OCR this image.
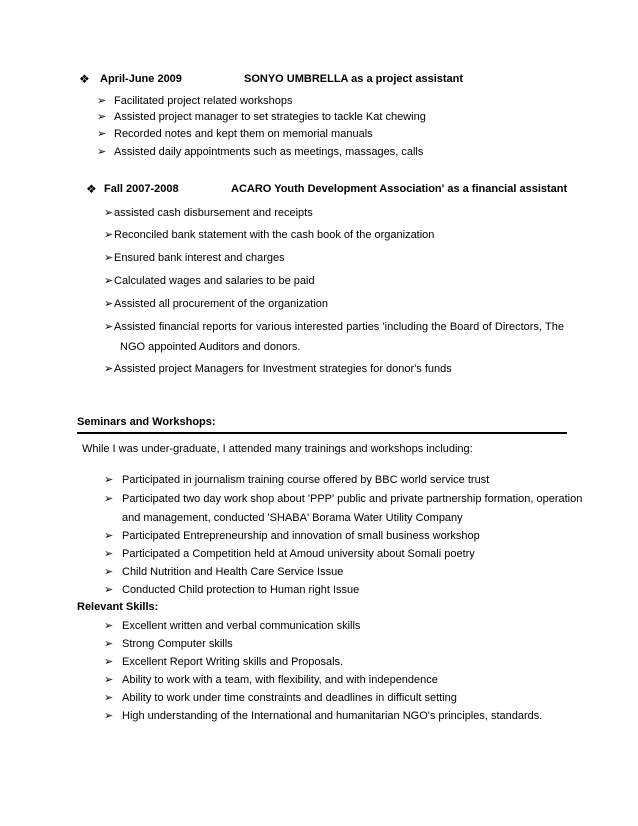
❖ April-June 2009	SONYO UMBRELLA as a project assistant
➢ Facilitated project related workshops
➢ Assisted project manager to set strategies to tackle Kat chewing
➢ Recorded notes and kept them on memorial manuals
➢ Assisted daily appointments such as meetings, massages, calls
❖ Fall 2007-2008	ACARO Youth Development Association' as a financial assistant
➢ assisted cash disbursement and receipts
➢ Reconciled bank statement with the cash book of the organization
➢ Ensured bank interest and charges
➢ Calculated wages and salaries to be paid
➢ Assisted all procurement of the organization
➢ Assisted financial reports for various interested parties 'including the Board of Directors, The
NGO appointed Auditors and donors.
➢ Assisted project Managers for Investment strategies for donor's funds
Seminars and Workshops:
While I was under-graduate, I attended many trainings and workshops including:
➢ Participated in journalism training course offered by BBC world service trust
➢ Participated two day work shop about 'PPP' public and private partnership formation, operation
and management, conducted 'SHABA' Borama Water Utility Company
➢ Participated Entrepreneurship and innovation of small business workshop
➢ Participated a Competition held at Amoud university about Somali poetry
➢ Child Nutrition and Health Care Service Issue
➢ Conducted Child protection to Human right Issue
Relevant Skills:
➢ Excellent written and verbal communication skills
➢ Strong Computer skills
➢ Excellent Report Writing skills and Proposals.
➢ Ability to work with a team, with flexibility, and with independence
➢ Ability to work under time constraints and deadlines in difficult setting
➢ High understanding of the International and humanitarian NGO's principles, standards.
